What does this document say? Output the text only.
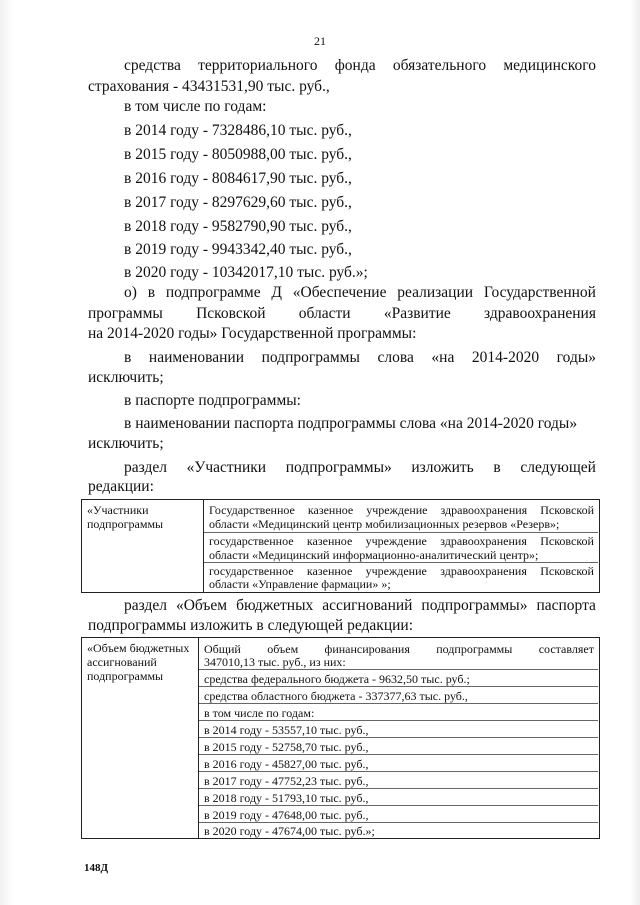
21
средства территориального фонда обязательного медицинского
страхования - 43431531,90 тыс. руб.,
в том числе по годам:
в 2014 году - 7328486,10 тыс. руб.,
в 2015 году - 8050988,00 тыс. руб.,
в 2016 году - 8084617,90 тыс. руб.,
в 2017 году - 8297629,60 тыс. руб.,
в 2018 году - 9582790,90 тыс. руб.,
в 2019 году - 9943342,40 тыс. руб.,
в 2020 году - 10342017,10 тыс. руб.»;
о) в подпрограмме Д «Обеспечение реализации Государственной
программы Псковской области «Развитие здравоохранения
на 2014-2020 годы» Государственной программы:
в наименовании подпрограммы слова «на 2014-2020 годы»
исключить;
в паспорте подпрограммы:
в наименовании паспорта подпрограммы слова «на 2014-2020 годы»
исключить;
раздел «Участники подпрограммы» изложить в следующей
редакции:
«Участники
подпрограммы
Государственное казенное учреждение здравоохранения Псковской
области «Медицинский центр мобилизационных резервов «Резерв»;
государственное казенное учреждение здравоохранения Псковской
области «Медицинский информационно-аналитический центр»;
государственное казенное учреждение здравоохранения Псковской
области «Управление фармации» »;
раздел «Объем бюджетных ассигнований подпрограммы» паспорта
подпрограммы изложить в следующей редакции:
«Объем бюджетных
ассигнований
подпрограммы
Общий объем финансирования подпрограммы составляет
347010,13 тыс. руб., из них:
средства федерального бюджета - 9632,50 тыс. руб.;
средства областного бюджета - 337377,63 тыс. руб.,
в том числе по годам:
в 2014 году - 53557,10 тыс. руб.,
в 2015 году - 52758,70 тыс. руб.,
в 2016 году - 45827,00 тыс. руб.,
в 2017 году - 47752,23 тыс. руб.,
в 2018 году - 51793,10 тыс. руб.,
в 2019 году - 47648,00 тыс. руб.,
в 2020 году - 47674,00 тыс. руб.»;
148Д
